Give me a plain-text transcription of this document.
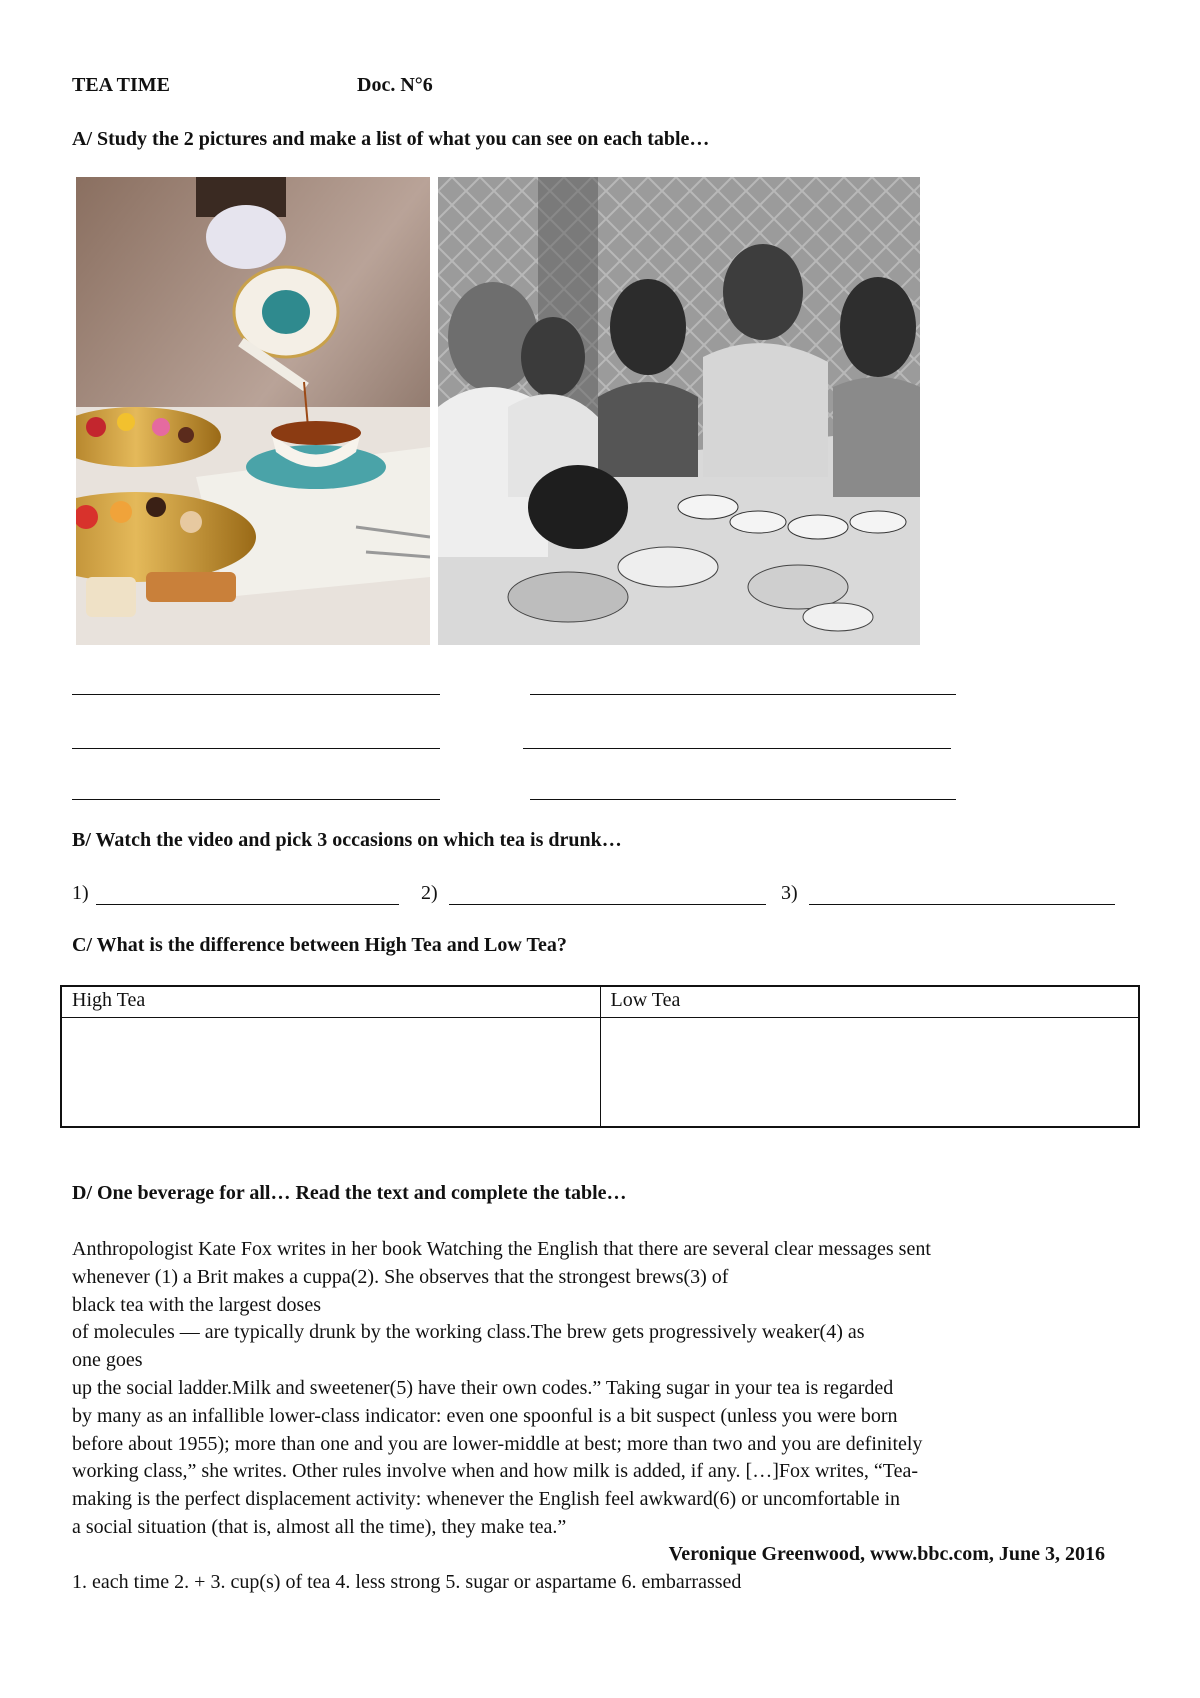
TEA TIME	Doc. N°6
A/ Study the 2 pictures and make a list of what you can see on each table…
B/ Watch the video and pick 3 occasions on which tea is drunk…
1)	2)	3)
C/ What is the difference between High Tea and Low Tea?
High Tea	Low Tea

D/ One beverage for all… Read the text and complete the table…

Anthropologist Kate Fox writes in her book Watching the English that there are several clear messages sent

whenever (1) a Brit makes a cuppa(2). She observes that the strongest brews(3) of

black tea with the largest doses

of molecules — are typically drunk by the working class.The brew gets progressively weaker(4) as

one goes

up the social ladder.Milk and sweetener(5) have their own codes.” Taking sugar in your tea is regarded

by many as an infallible lower-class indicator: even one spoonful is a bit suspect (unless you were born

before about 1955); more than one and you are lower-middle at best; more than two and you are definitely

working class,” she writes. Other rules involve when and how milk is added, if any. […]Fox writes, “Tea-

making is the perfect displacement activity: whenever the English feel awkward(6) or uncomfortable in

a social situation (that is, almost all the time), they make tea.”

Veronique Greenwood, www.bbc.com, June 3, 2016
1. each time 2. + 3. cup(s) of tea 4. less strong 5. sugar or aspartame 6. embarrassed
